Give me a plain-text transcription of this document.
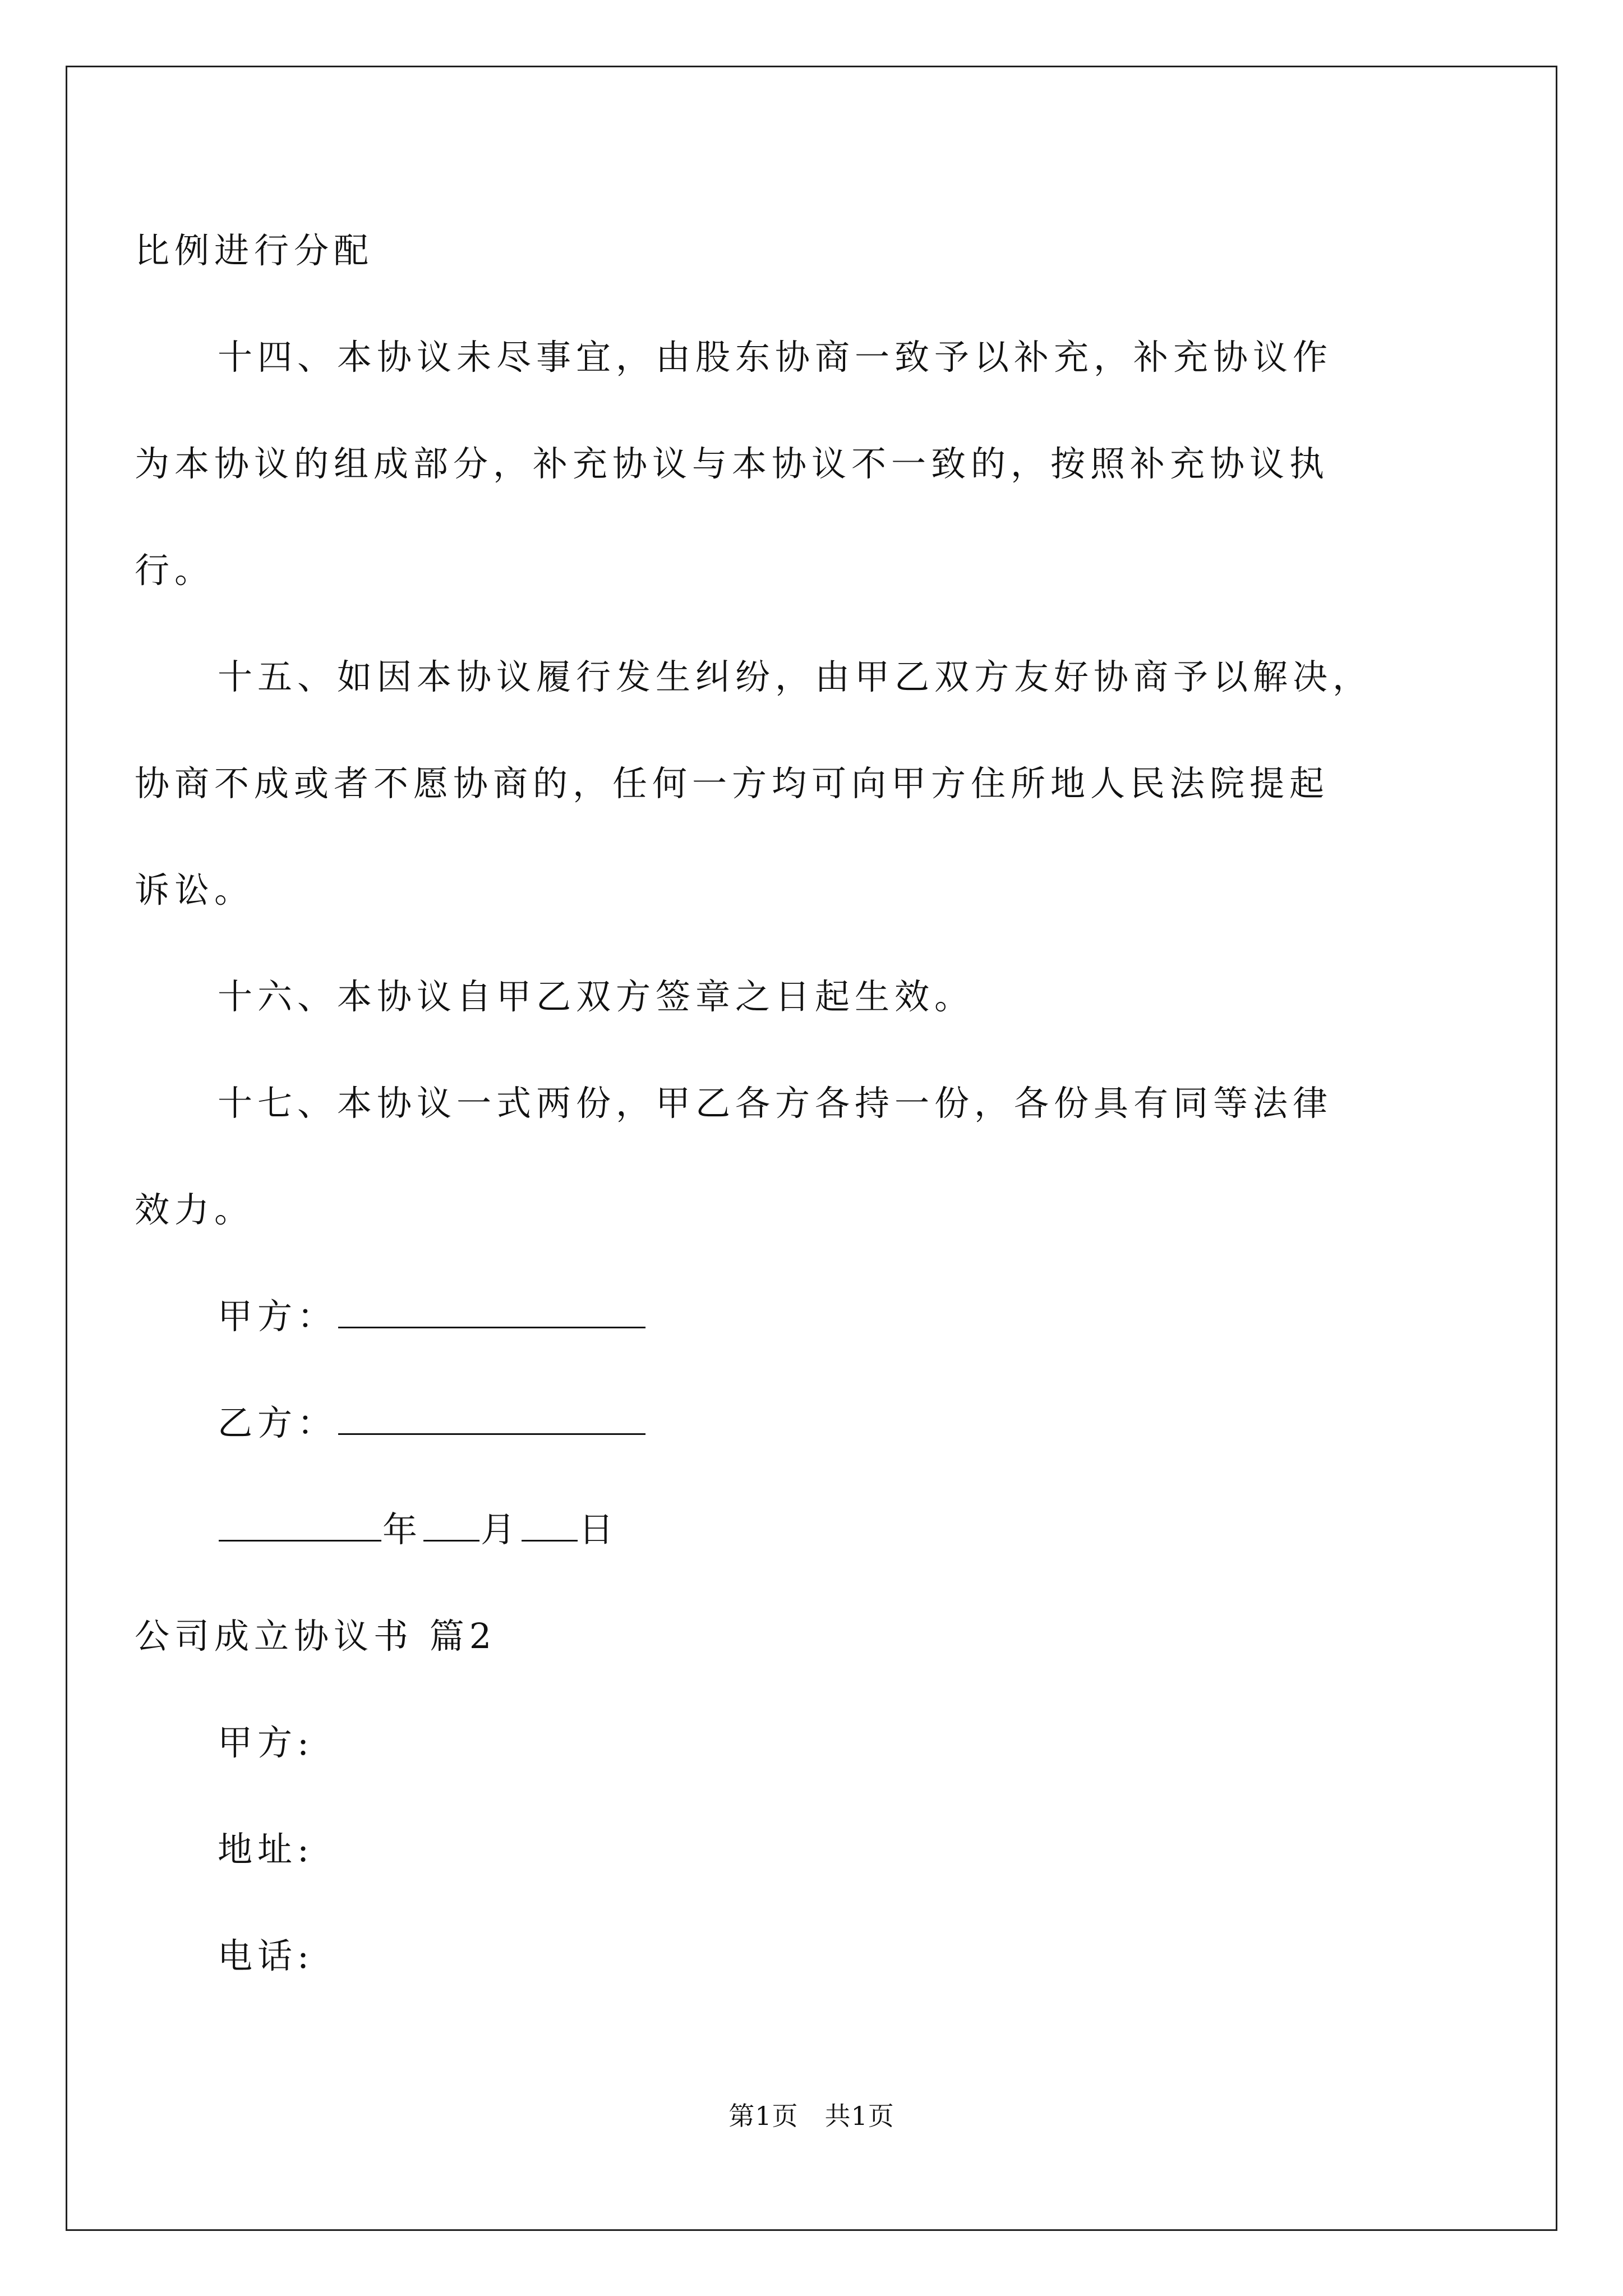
比例进行分配
十四、本协议未尽事宜，由股东协商一致予以补充，补充协议作
为本协议的组成部分，补充协议与本协议不一致的，按照补充协议执
行。
十五、如因本协议履行发生纠纷，由甲乙双方友好协商予以解决，
协商不成或者不愿协商的，任何一方均可向甲方住所地人民法院提起
诉讼。
十六、本协议自甲乙双方签章之日起生效。
十七、本协议一式两份，甲乙各方各持一份，各份具有同等法律
效力。
甲方：
乙方：
年 月 日
公司成立协议书 篇2
甲方:
地址:
电话:
第1页　共1页
